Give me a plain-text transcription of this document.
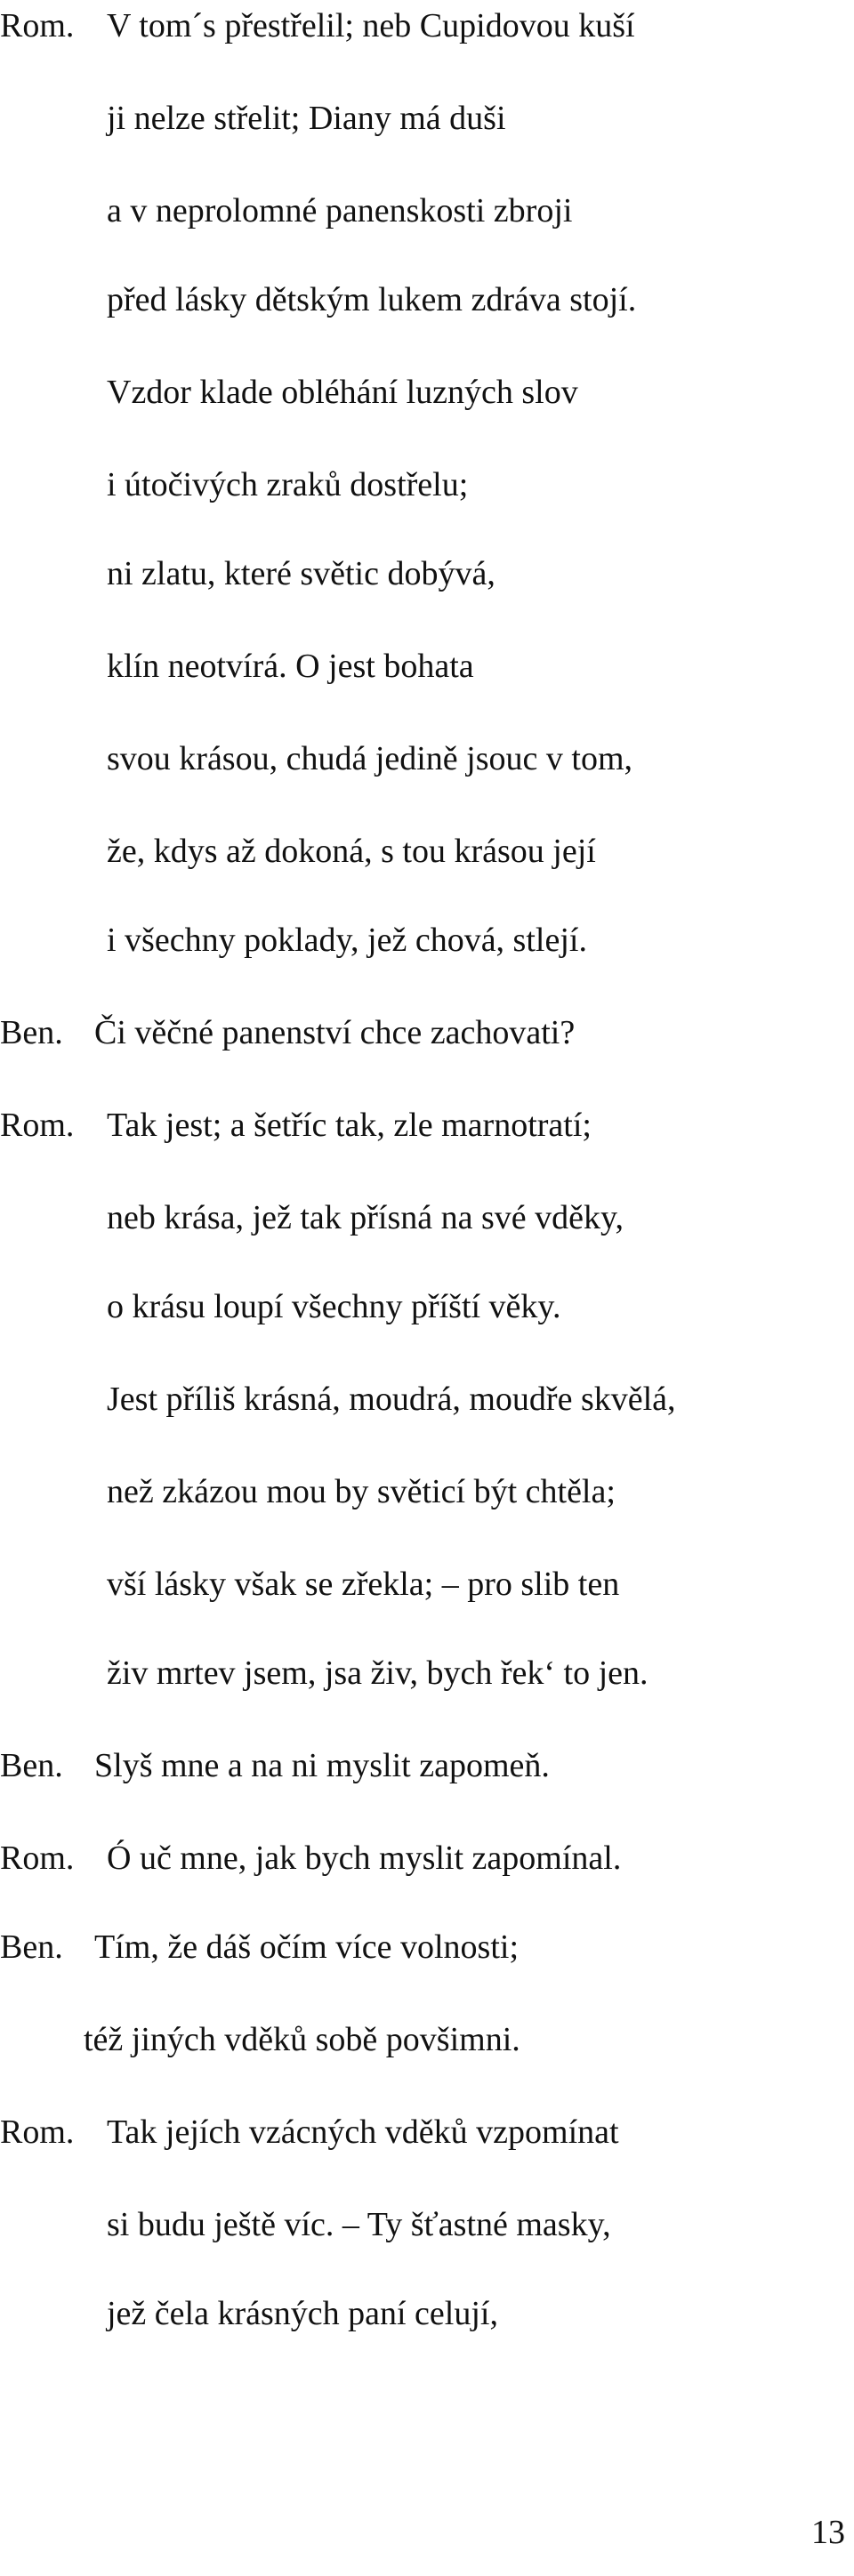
Rom. V tom´s přestřelil; neb Cupidovou kuší
ji nelze střelit; Diany má duši
a v neprolomné panenskosti zbroji
před lásky dětským lukem zdráva stojí.
Vzdor klade obléhání luzných slov
i útočivých zraků dostřelu;
ni zlatu, které světic dobývá,
klín neotvírá. O jest bohata
svou krásou, chudá jedině jsouc v tom,
že, kdys až dokoná, s tou krásou její
i všechny poklady, jež chová, stlejí.
Ben. Či věčné panenství chce zachovati?
Rom. Tak jest; a šetříc tak, zle marnotratí;
neb krása, jež tak přísná na své vděky,
o krásu loupí všechny příští věky.
Jest příliš krásná, moudrá, moudře skvělá,
než zkázou mou by světicí být chtěla;
vší lásky však se zřekla; – pro slib ten
živ mrtev jsem, jsa živ, bych řek‘ to jen.
Ben. Slyš mne a na ni myslit zapomeň.
Rom. Ó uč mne, jak bych myslit zapomínal.
Ben. Tím, že dáš očím více volnosti;
též jiných vděků sobě povšimni.
Rom. Tak jejích vzácných vděků vzpomínat
si budu ještě víc. – Ty šťastné masky,
jež čela krásných paní celují,
13
